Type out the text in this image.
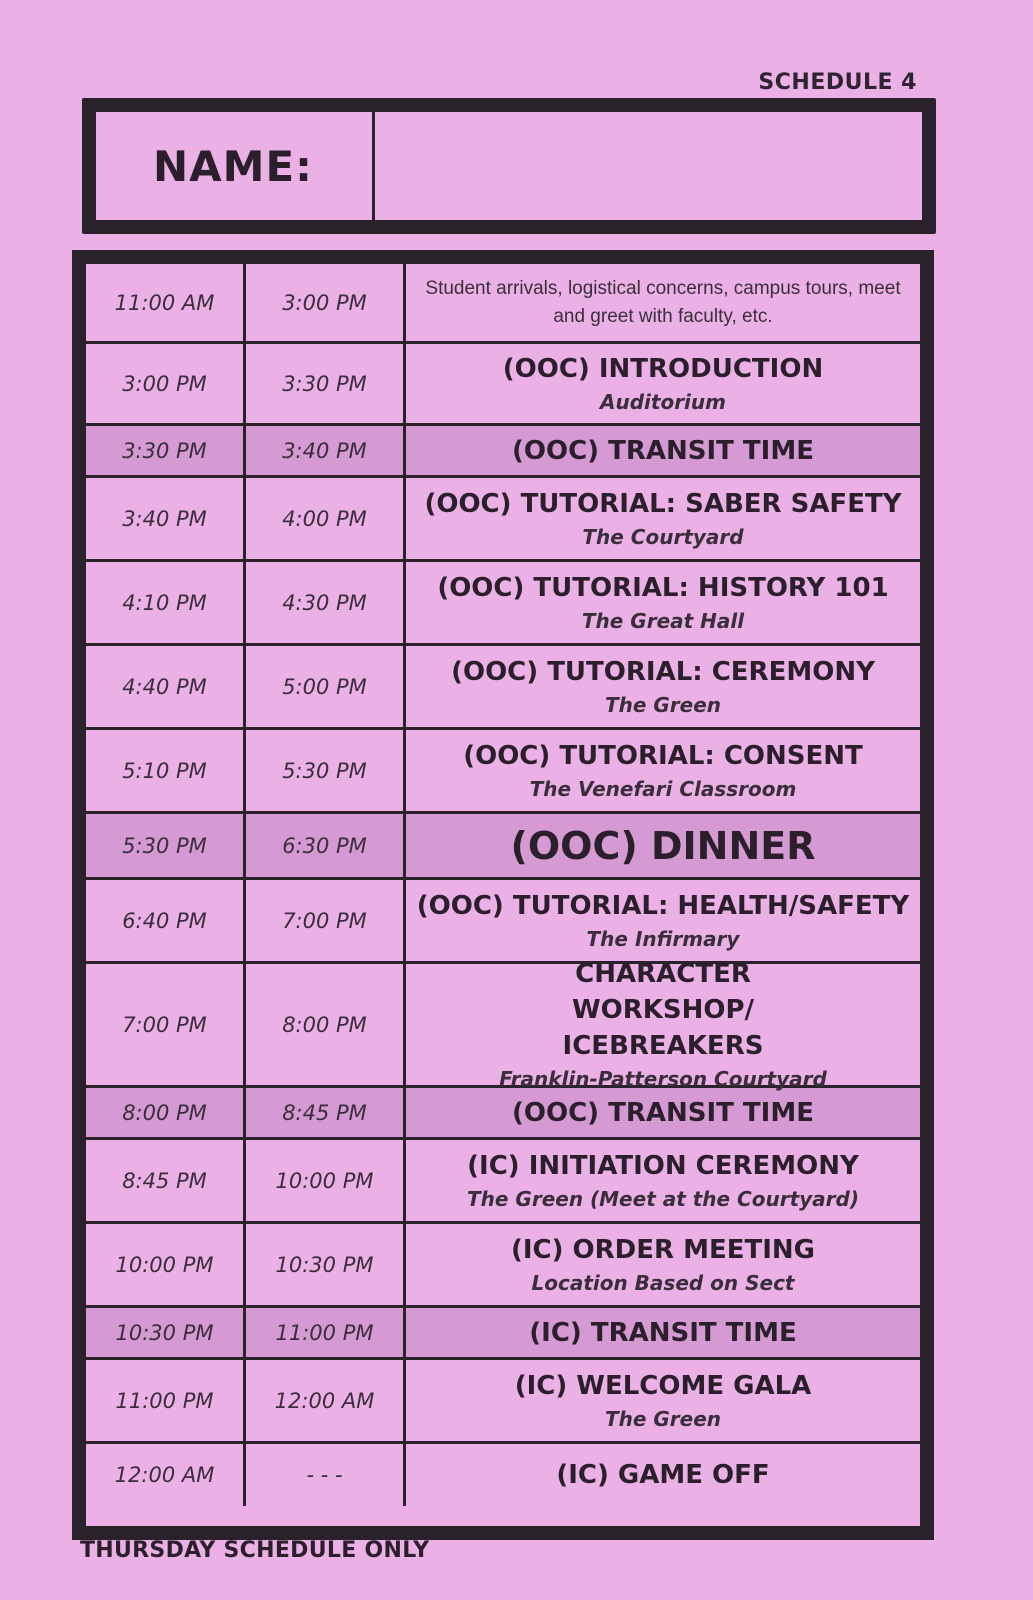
SCHEDULE 4
NAME:
11:00 AM	3:00 PM
Student arrivals, logistical concerns, campus tours, meet and greet with faculty, etc.
3:00 PM	3:30 PM	(OOC) INTRODUCTION
Auditorium
3:30 PM	3:40 PM	(OOC) TRANSIT TIME
3:40 PM	4:00 PM (OOC) TUTORIAL: SABER SAFETY
The Courtyard
4:10 PM	4:30 PM	(OOC) TUTORIAL: HISTORY 101
The Great Hall
4:40 PM	5:00 PM	(OOC) TUTORIAL: CEREMONY
The Green
5:10 PM	5:30 PM	(OOC) TUTORIAL: CONSENT
The Venefari Classroom
5:30 PM	6:30 PM	(OOC) DINNER
6:40 PM	7:00 PM (OOC) TUTORIAL: HEALTH/SAFETY
The Infirmary
7:00 PM	8:00 PM
CHARACTER WORKSHOP/ ICEBREAKERS
Franklin-Patterson Courtyard
8:00 PM	8:45 PM	(OOC) TRANSIT TIME
8:45 PM	10:00 PM	(IC) INITIATION CEREMONY
The Green (Meet at the Courtyard)
10:00 PM	10:30 PM	(IC) ORDER MEETING
Location Based on Sect
10:30 PM	11:00 PM	(IC) TRANSIT TIME
11:00 PM	12:00 AM	(IC) WELCOME GALA
The Green
12:00 AM	- - -	(IC) GAME OFF
THURSDAY SCHEDULE ONLY
